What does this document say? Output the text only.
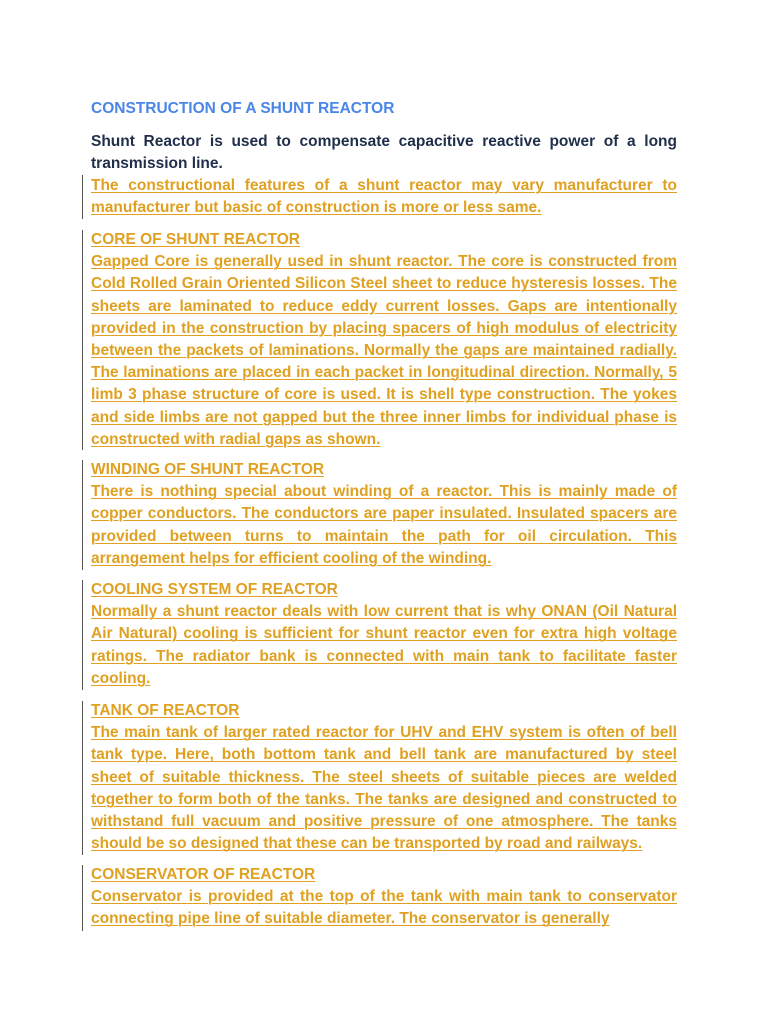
CONSTRUCTION OF A SHUNT REACTOR

Shunt Reactor is used to compensate capacitive reactive power of a long transmission line.

The constructional features of a shunt reactor may vary manufacturer to manufacturer but basic of construction is more or less same.

CORE OF SHUNT REACTOR
Gapped Core is generally used in shunt reactor. The core is constructed from Cold Rolled Grain Oriented Silicon Steel sheet to reduce hysteresis losses. The sheets are laminated to reduce eddy current losses. Gaps are intentionally provided in the construction by placing spacers of high modulus of electricity between the packets of laminations. Normally the gaps are maintained radially. The laminations are placed in each packet in longitudinal direction. Normally, 5 limb 3 phase structure of core is used. It is shell type construction. The yokes and side limbs are not gapped but the three inner limbs for individual phase is constructed with radial gaps as shown.
WINDING OF SHUNT REACTOR
There is nothing special about winding of a reactor. This is mainly made of copper conductors. The conductors are paper insulated. Insulated spacers are provided between turns to maintain the path for oil circulation. This arrangement helps for efficient cooling of the winding.
COOLING SYSTEM OF REACTOR
Normally a shunt reactor deals with low current that is why ONAN (Oil Natural Air Natural) cooling is sufficient for shunt reactor even for extra high voltage ratings. The radiator bank is connected with main tank to facilitate faster cooling.
TANK OF REACTOR
The main tank of larger rated reactor for UHV and EHV system is often of bell tank type. Here, both bottom tank and bell tank are manufactured by steel sheet of suitable thickness. The steel sheets of suitable pieces are welded together to form both of the tanks. The tanks are designed and constructed to withstand full vacuum and positive pressure of one atmosphere. The tanks should be so designed that these can be transported by road and railways.
CONSERVATOR OF REACTOR
Conservator is provided at the top of the tank with main tank to conservator connecting pipe line of suitable diameter. The conservator is generally
